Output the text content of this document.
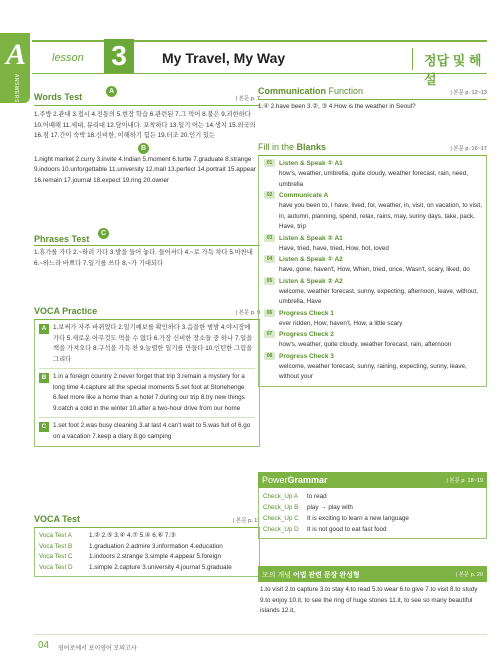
A
ANSWERS
lesson 3	My Travel, My Way	정답 및 해설
Words Test	| 본문 p. 7
A
1.주방 2.관대 3.접시 4.전통의 5.현장 학습 6.관련된 7.그 먹어 8.불은 9.괴한하다 10.어때해 11.세대, 뮤리대 12.담이내다. 포착하다 13.일기 어는 14.생지 15.외국의 16.점 17.간이 숙박 18.신비한, 이해하기 힘든 19.터조 20.인기 있는
B
1.night market 2.curry 3.invite 4.Indian 5.moment 6.turtle 7.graduate 8.strange 9.indoors 10.unforgettable 11.university 12.mall 13.perfect 14.portrait 15.appear 16.remain 17.journal 18.expect 19.ring 20.owner
Phrases Test
C
1.휴가를 가다 2.~하려 가다 3.발을 들어 놓다. 들어서다 4.~로 가득 차다 5.마찬내 6.~하느라 바쁘다 7.일기를 쓰다 8.~가 기대되다
VOCA Practice	| 본문 p. 9
A	1.보써가 자주 바뀌었다 2.일기예보를 확인하다 3.음을한 범밤 4.야시장에 가다 5.새로운 아무것도 먹을 수 없다 6.가장 신비한 장소들 중 하나 7.일을 책을 가져오다 8.구석을 가득 찬 9.늘렬한 일기를 만들다 10.인턴한 그림을 그리다
B	1.in a foreign country 2.never forget that trip 3.remain a mystery for a long time 4.capture all the special moments 5.set foot at Stonehenge 6.feel more like a home than a hotel 7.during our trip 8.try new things 9.catch a cold in the winter 10.after a two-hour drive from our home
C	1.set foot 2.was busy cleaning 3.at last 4.can't wait to 5.was full of 6.go on a vacation 7.keep a diary 8.go camping
VOCA Test	| 본문 p. 11
Voca Test A	1.② 2.⑤ 3.④ 4.⑦ 5.④ 6.⑥ 7.③
Voca Test B	1.graduation 2.admire 3.information 4.education
Voca Test C	1.indoors 2.strange 3.simple 4.appear 5.foreign
Voca Test D	1.simple 2.capture 3.university 4.journal 5.graduate
Communication Function	| 본문 p. 12~13
1.④ 2.have been 3.②, ③ 4.How is the weather in Seoul?
Fill in the Blanks	| 본문 p. 16~17
01 Listen & Speak ① A1
how's, weather, umbrella, quite cloudy, weather forecast, rain, need, umbrella
02 Communicate A
have you been to, I have, lived, for, weather, in, visit, on vacation, to visit, in, autumn, planning, spend, relax, rains, may, sunny days, take, pack, Have, trip
03 Listen & Speak ② A1
Have, tried, have, tried, How, hot, loved
04 Listen & Speak ① A2
have, gone, haven't, How, When, tried, once, Wasn't, scary, liked, do
05 Listen & Speak ② A2
welcome, weather forecast, sunny, expecting, afternoon, leave, without, umbrella, Have
06 Progress Check 1
ever ridden, How, haven't, How, a little scary
07 Progress Check 2
how's, weather, quite cloudy, weather forecast, rain, afternoon
08 Progress Check 3
welcome, weather forecast, sunny, raining, expecting, sunny, leave, without your
PowerGrammar	| 본문 p. 18~19
Check_Up A	to read
Check_Up B	play → play with
Check_Up C	It is exciting to learn a new language
Check_Up D	It is not good to eat fast food
모의 개념 어법 관련 문장 완성형	| 본문 p. 20
1.to visit 2.to capture 3.to stay 4.to read 5.to wear 6.to give 7.to visit 8.to study 9.to enjoy 10.it, to see the ring of huge stones 11.it, to see so many beautiful islands 12.it,
04 영어로에서 보이영어 모의고사
